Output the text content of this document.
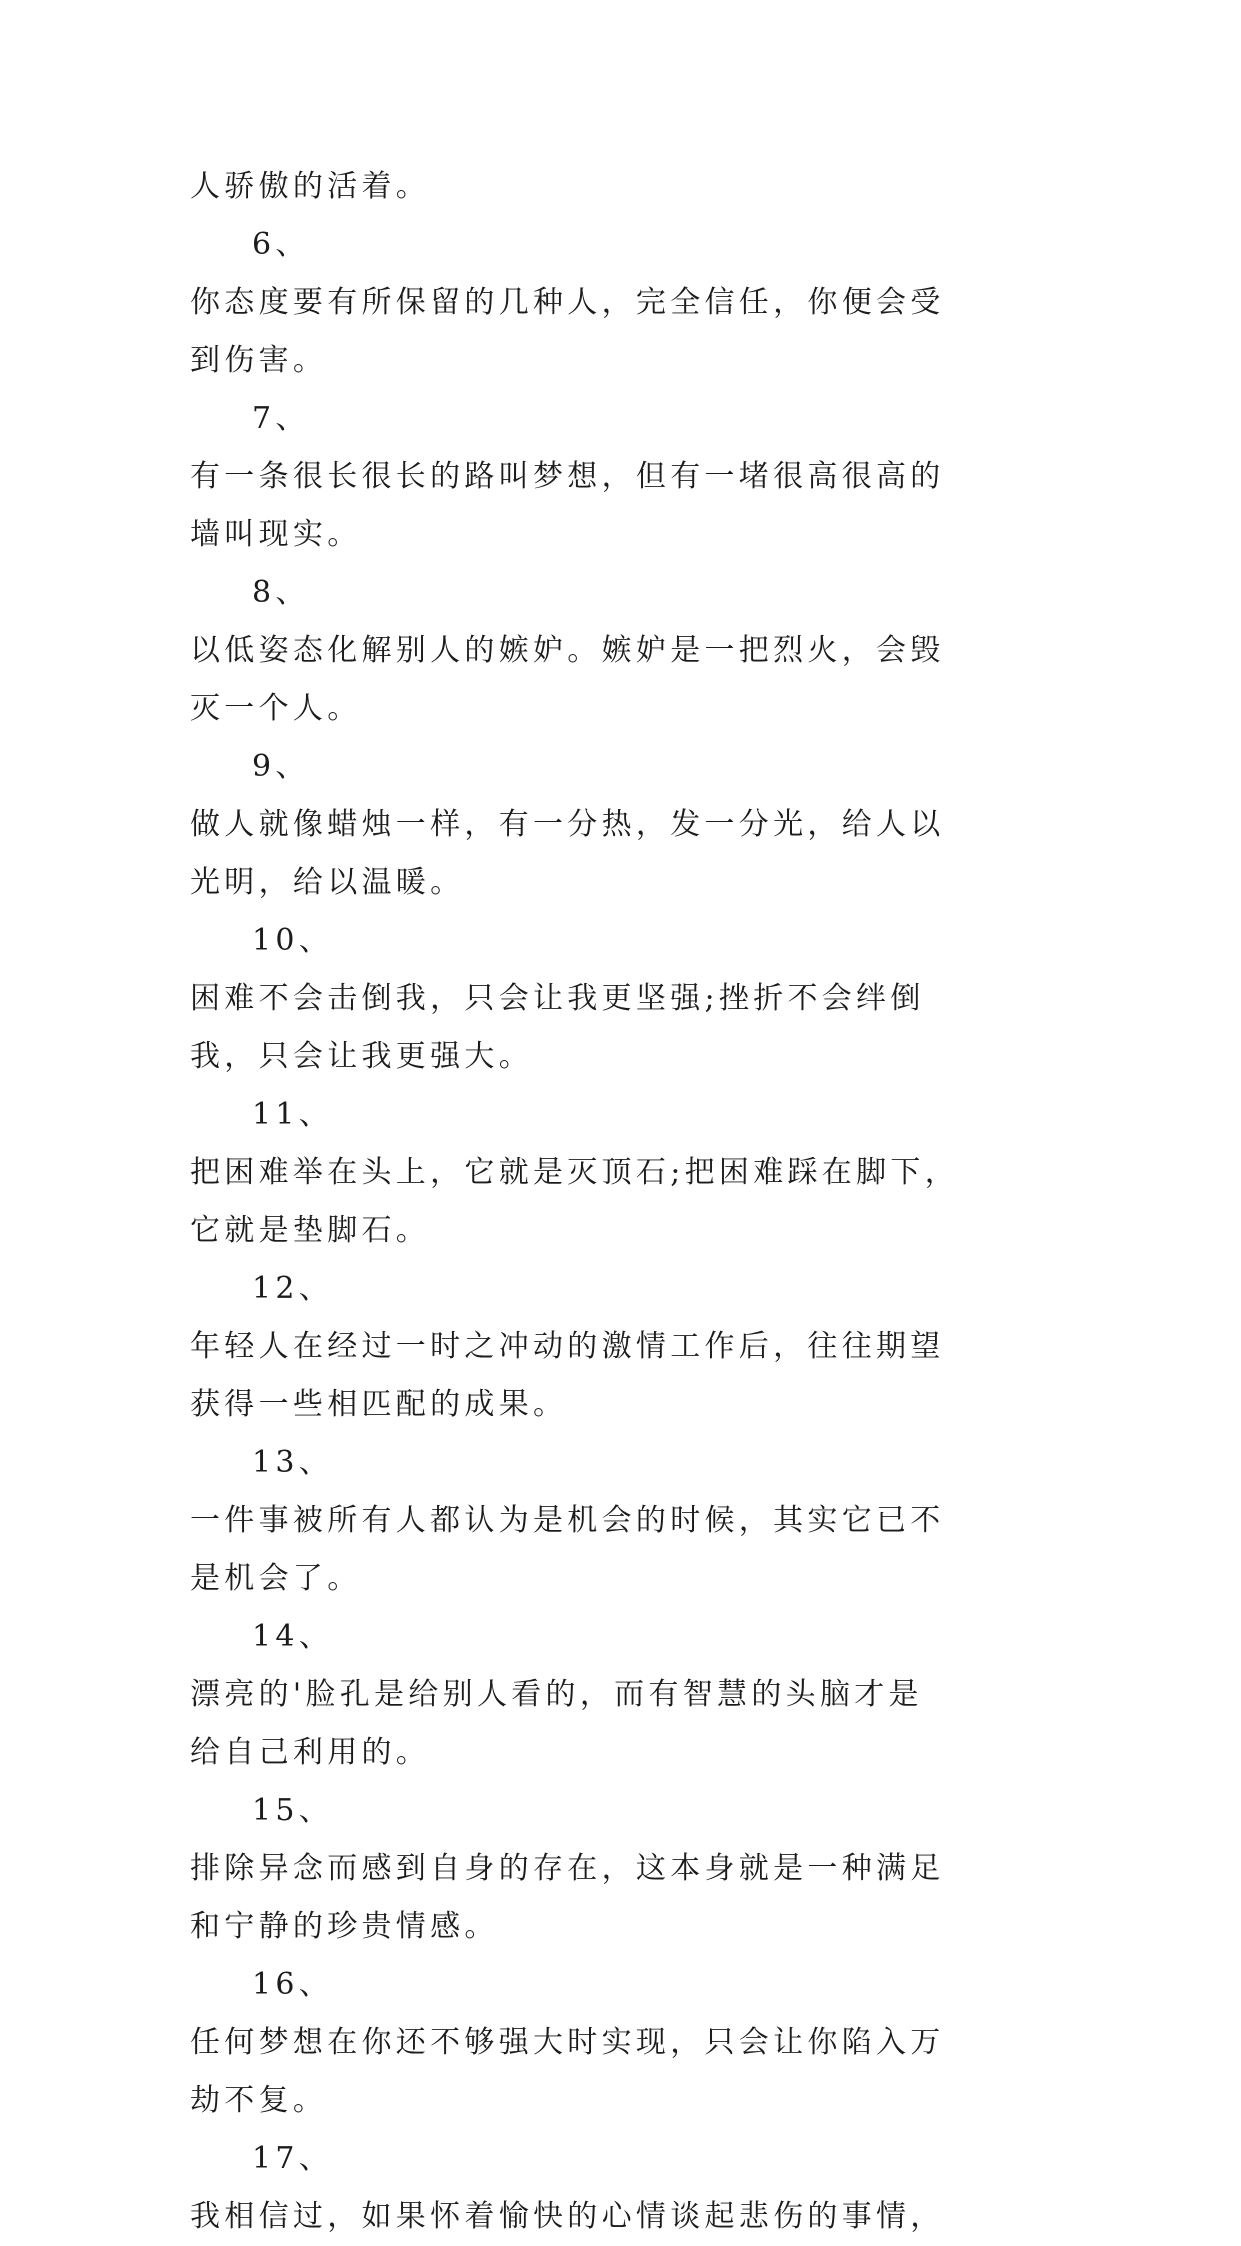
人骄傲的活着。

6、你态度要有所保留的几种人，完全信任，你便会受
到伤害。

7、有一条很长很长的路叫梦想，但有一堵很高很高的
墙叫现实。

8、以低姿态化解别人的嫉妒。嫉妒是一把烈火，会毁
灭一个人。

9、做人就像蜡烛一样，有一分热，发一分光，给人以
光明，给以温暖。

10、困难不会击倒我，只会让我更坚强;挫折不会绊倒
我，只会让我更强大。

11、把困难举在头上，它就是灭顶石;把困难踩在脚下，
它就是垫脚石。

12、年轻人在经过一时之冲动的激情工作后，往往期望
获得一些相匹配的成果。

13、一件事被所有人都认为是机会的时候，其实它已不
是机会了。

14、漂亮的'脸孔是给别人看的，而有智慧的头脑才是
给自己利用的。

15、排除异念而感到自身的存在，这本身就是一种满足
和宁静的珍贵情感。

16、任何梦想在你还不够强大时实现，只会让你陷入万
劫不复。

17、我相信过，如果怀着愉快的心情谈起悲伤的事情，
